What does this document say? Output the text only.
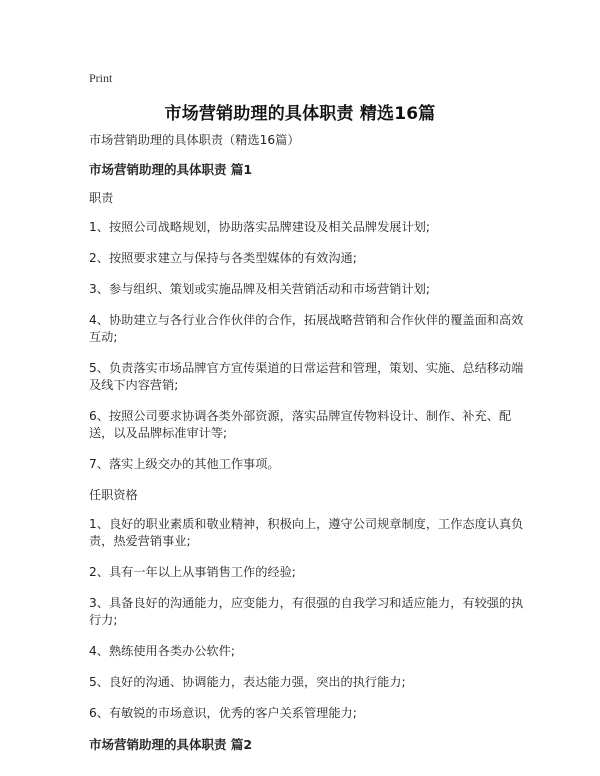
Print
市场营销助理的具体职责 精选16篇

市场营销助理的具体职责（精选16篇）

市场营销助理的具体职责 篇1

职责

1、按照公司战略规划，协助落实品牌建设及相关品牌发展计划;

2、按照要求建立与保持与各类型媒体的有效沟通;

3、参与组织、策划或实施品牌及相关营销活动和市场营销计划;

4、协助建立与各行业合作伙伴的合作，拓展战略营销和合作伙伴的覆盖面和高效互动;

5、负责落实市场品牌官方宣传渠道的日常运营和管理，策划、实施、总结移动端及线下内容营销;

6、按照公司要求协调各类外部资源，落实品牌宣传物料设计、制作、补充、配送，以及品牌标准审计等;

7、落实上级交办的其他工作事项。

任职资格

1、良好的职业素质和敬业精神，积极向上，遵守公司规章制度，工作态度认真负责，热爱营销事业;

2、具有一年以上从事销售工作的经验;

3、具备良好的沟通能力，应变能力，有很强的自我学习和适应能力，有较强的执行力;

4、熟练使用各类办公软件;

5、良好的沟通、协调能力，表达能力强，突出的执行能力;

6、有敏锐的市场意识，优秀的客户关系管理能力;

市场营销助理的具体职责 篇2
